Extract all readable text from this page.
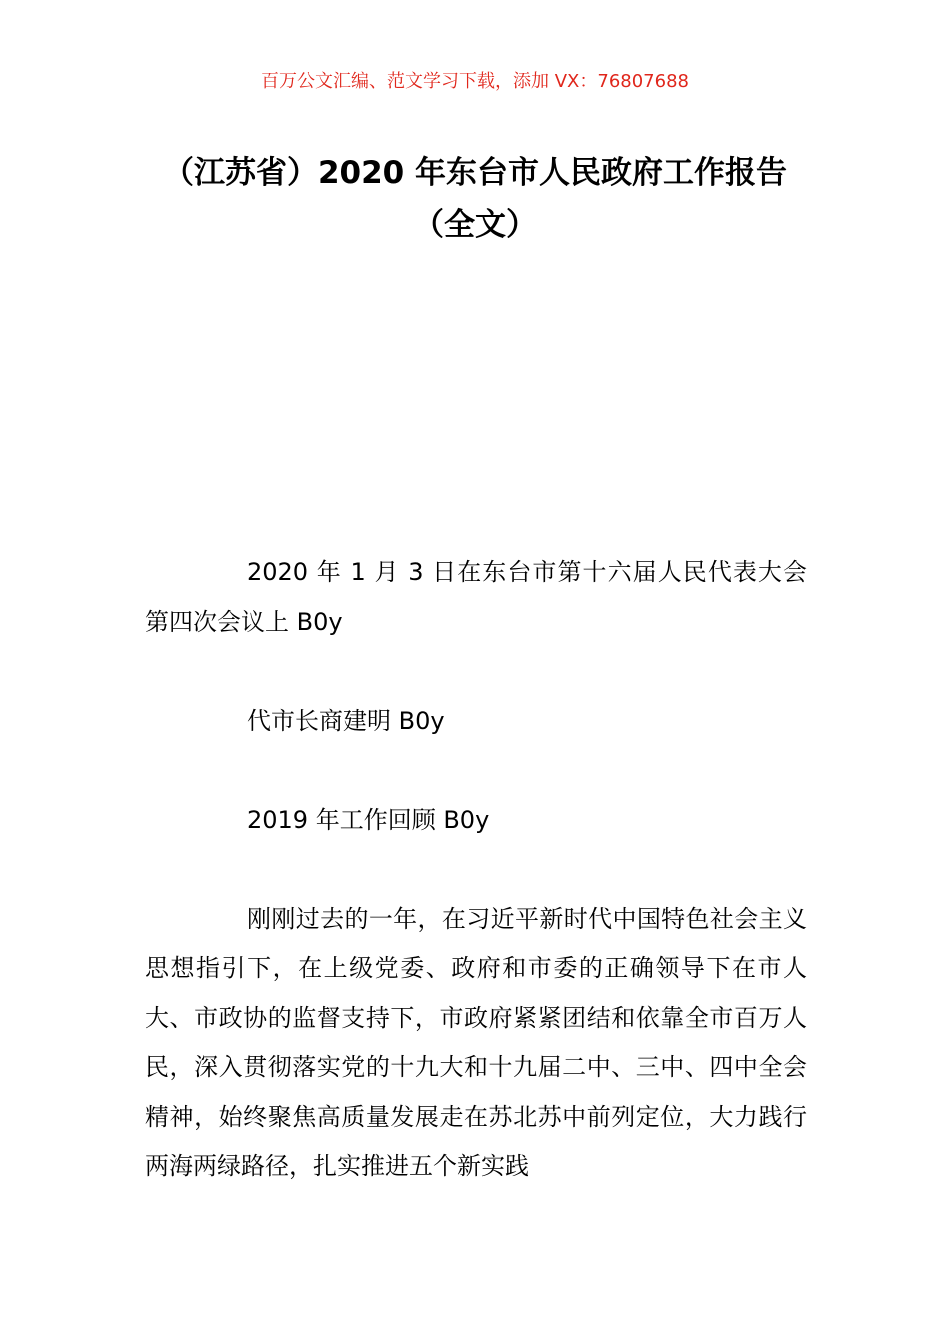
百万公文汇编、范文学习下载，添加 VX：76807688
（江苏省）2020 年东台市人民政府工作报告（全文）

2020 年 1 月 3 日在东台市第十六届人民代表大会第四次会议上 B0y

代市长商建明 B0y

2019 年工作回顾 B0y

刚刚过去的一年，在习近平新时代中国特色社会主义思想指引下，在上级党委、政府和市委的正确领导下在市人大、市政协的监督支持下，市政府紧紧团结和依靠全市百万人民，深入贯彻落实党的十九大和十九届二中、三中、四中全会精神，始终聚焦高质量发展走在苏北苏中前列定位，大力践行两海两绿路径，扎实推进五个新实践
